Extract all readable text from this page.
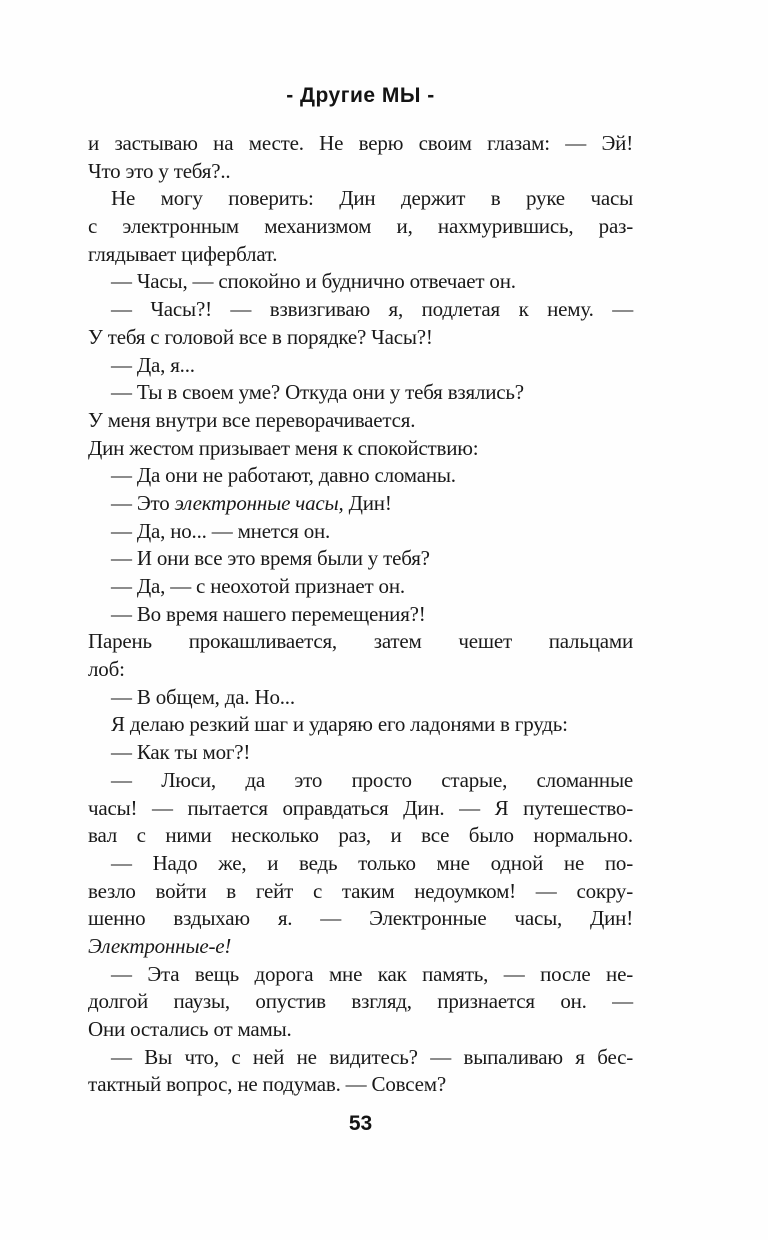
- Другие МЫ -
и застываю на месте. Не верю своим глазам: — Эй!
Что это у тебя?..
Не могу поверить: Дин держит в руке часы
с электронным механизмом и, нахмурившись, раз-
глядывает циферблат.
— Часы, — спокойно и буднично отвечает он.
— Часы?! — взвизгиваю я, подлетая к нему. —
У тебя с головой все в порядке? Часы?!
— Да, я...
— Ты в своем уме? Откуда они у тебя взялись?
У меня внутри все переворачивается.
Дин жестом призывает меня к спокойствию:
— Да они не работают, давно сломаны.
— Это электронные часы, Дин!
— Да, но... — мнется он.
— И они все это время были у тебя?
— Да, — с неохотой признает он.
— Во время нашего перемещения?!
Парень прокашливается, затем чешет пальцами
лоб:
— В общем, да. Но...
Я делаю резкий шаг и ударяю его ладонями в грудь:
— Как ты мог?!
— Люси, да это просто старые, сломанные
часы! — пытается оправдаться Дин. — Я путешество-
вал с ними несколько раз, и все было нормально.
— Надо же, и ведь только мне одной не по-
везло войти в гейт с таким недоумком! — сокру-
шенно вздыхаю я. — Электронные часы, Дин!
Электронные-е!
— Эта вещь дорога мне как память, — после не-
долгой паузы, опустив взгляд, признается он. —
Они остались от мамы.
— Вы что, с ней не видитесь? — выпаливаю я бес-
тактный вопрос, не подумав. — Совсем?
53
